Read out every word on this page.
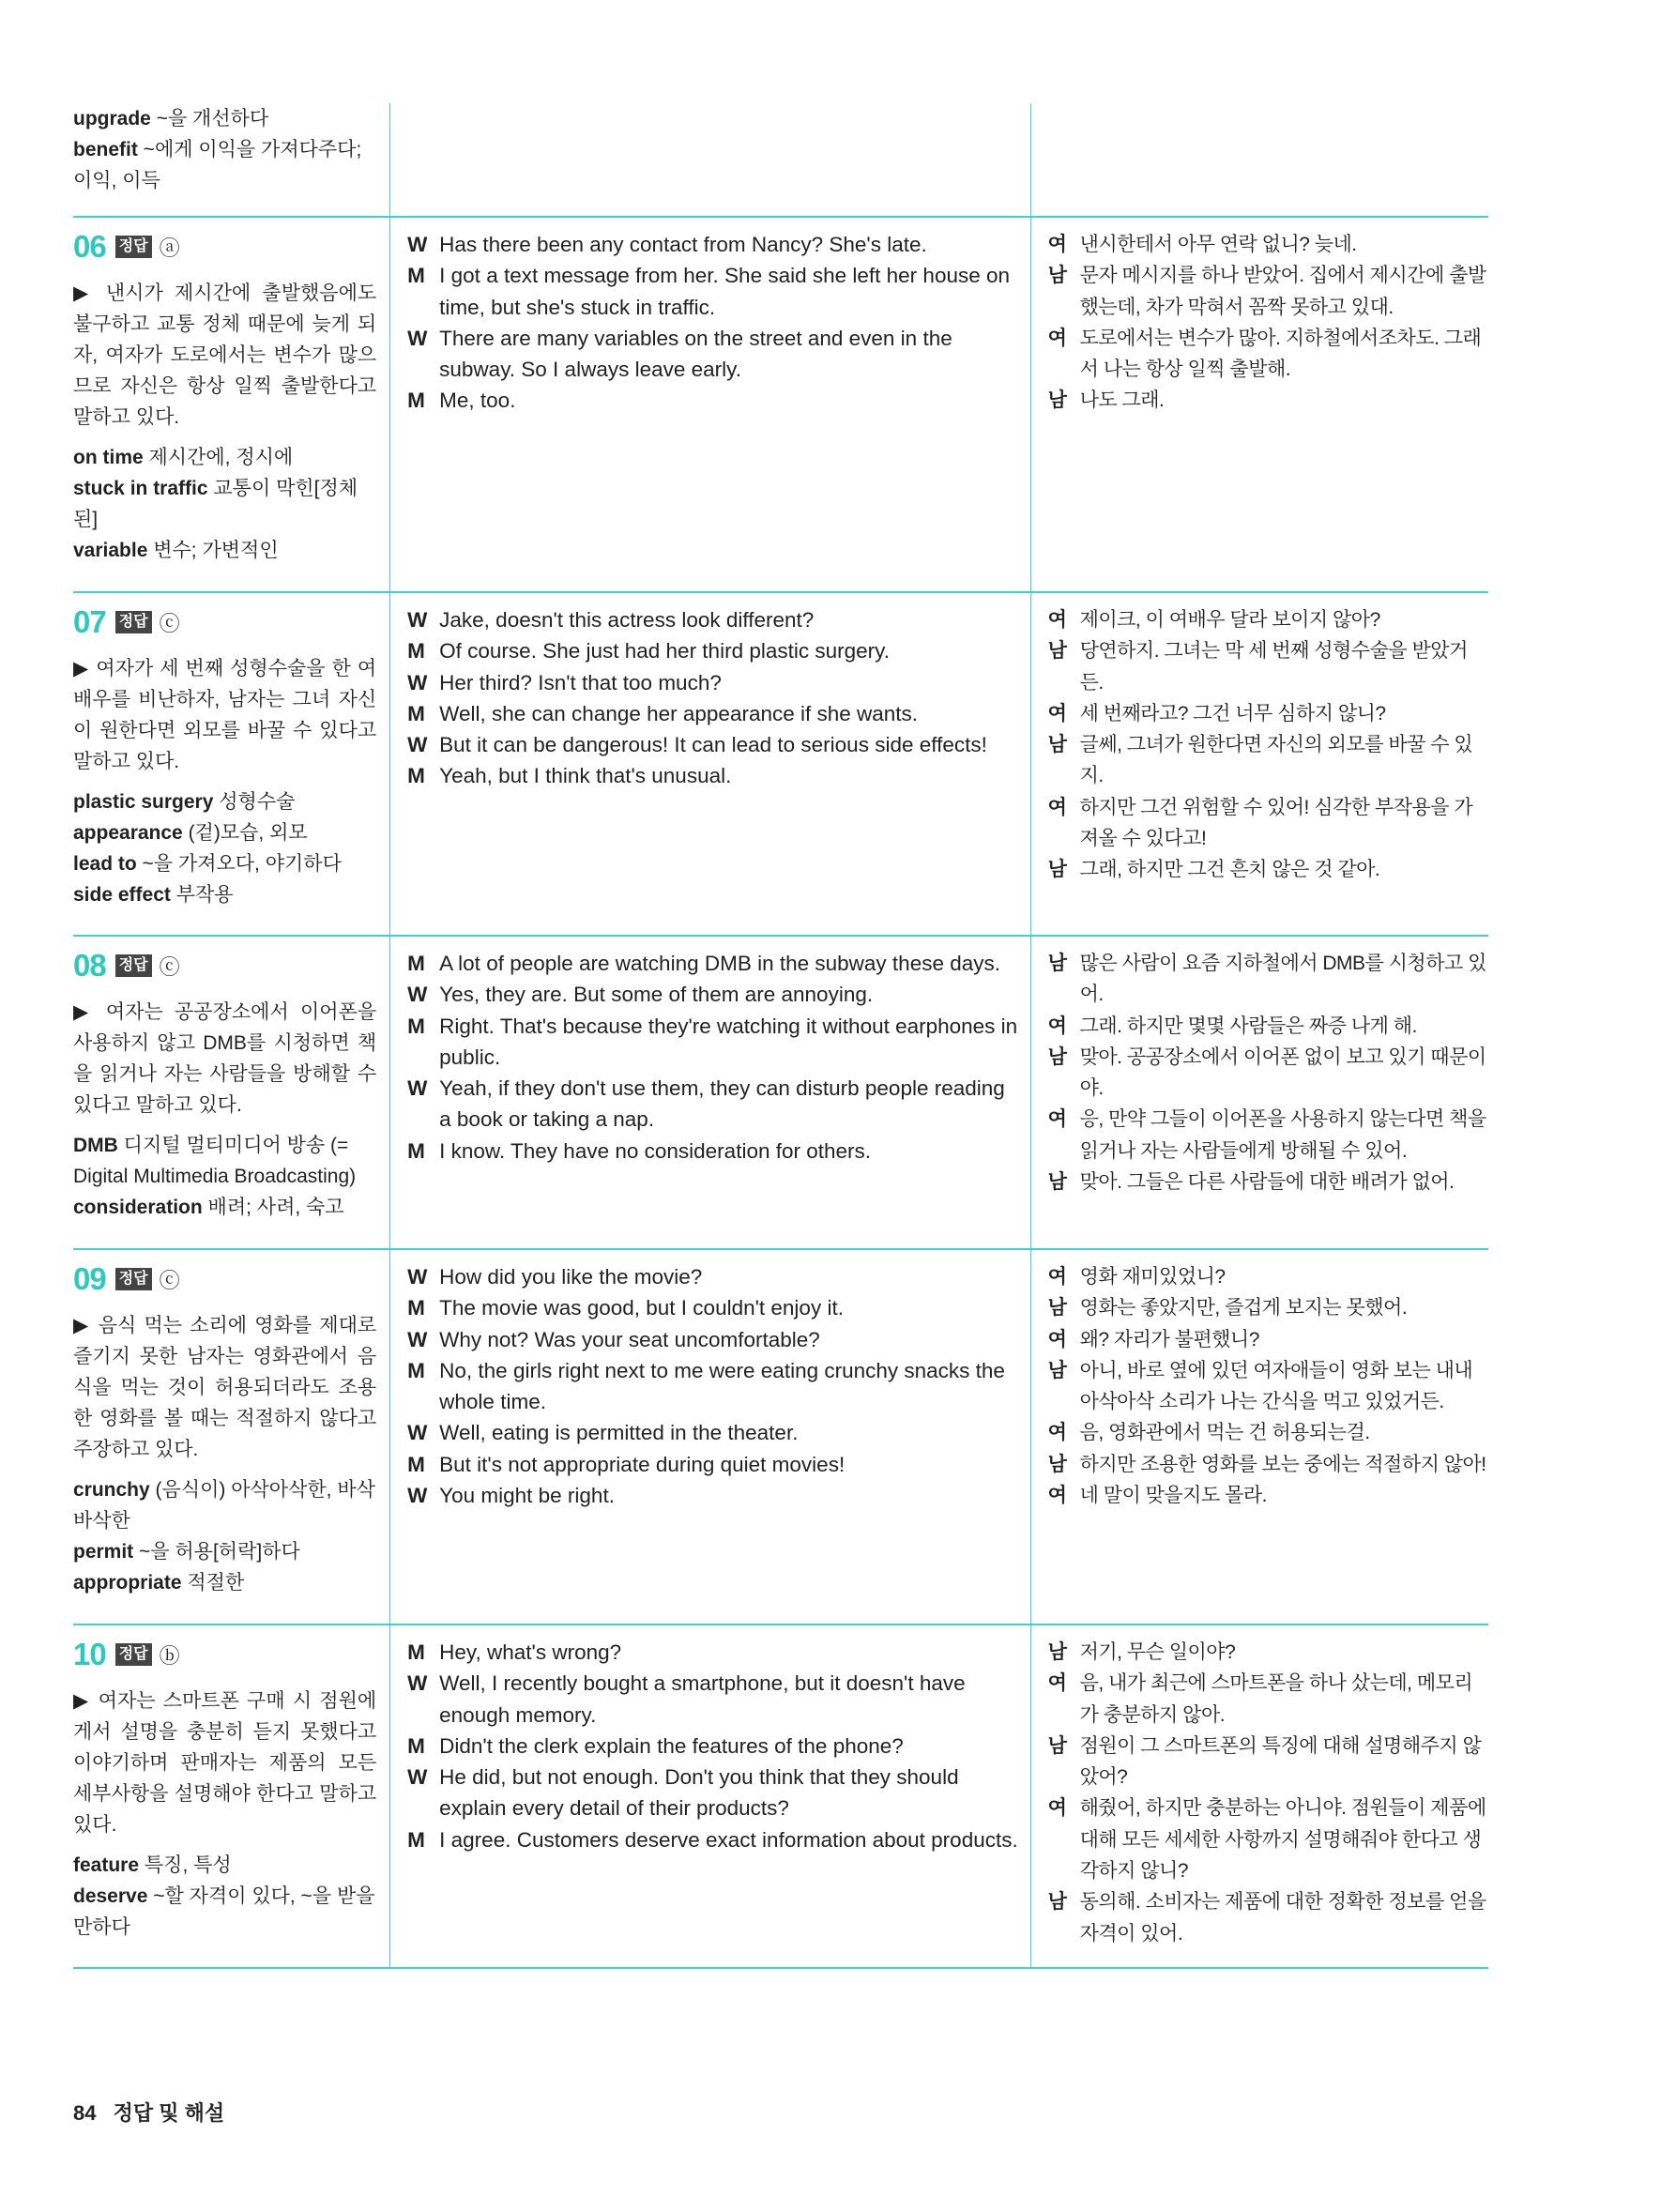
upgrade ~을 개선하다
benefit ~에게 이익을 가져다주다; 이익, 이득
06 정답 ⓐ
▶ 낸시가 제시간에 출발했음에도 불구하고 교통 정체 때문에 늦게 되자, 여자가 도로에서는 변수가 많으므로 자신은 항상 일찍 출발한다고 말하고 있다.
on time 제시간에, 정시에
stuck in traffic 교통이 막힌[정체된]
variable 변수; 가변적인
W Has there been any contact from Nancy? She's late.
M I got a text message from her. She said she left her house on time, but she's stuck in traffic.
W There are many variables on the street and even in the subway. So I always leave early.
M Me, too.
여 낸시한테서 아무 연락 없니? 늦네.
남 문자 메시지를 하나 받았어. 집에서 제시간에 출발했는데, 차가 막혀서 꼼짝 못하고 있대.
여 도로에서는 변수가 많아. 지하철에서조차도. 그래서 나는 항상 일찍 출발해.
남 나도 그래.
07 정답 ⓒ
▶ 여자가 세 번째 성형수술을 한 여배우를 비난하자, 남자는 그녀 자신이 원한다면 외모를 바꿀 수 있다고 말하고 있다.
plastic surgery 성형수술
appearance (겉)모습, 외모
lead to ~을 가져오다, 야기하다
side effect 부작용
W Jake, doesn't this actress look different?
M Of course. She just had her third plastic surgery.
W Her third? Isn't that too much?
M Well, she can change her appearance if she wants.
W But it can be dangerous! It can lead to serious side effects!
M Yeah, but I think that's unusual.
여 제이크, 이 여배우 달라 보이지 않아?
남 당연하지. 그녀는 막 세 번째 성형수술을 받았거든.
여 세 번째라고? 그건 너무 심하지 않니?
남 글쎄, 그녀가 원한다면 자신의 외모를 바꿀 수 있지.
여 하지만 그건 위험할 수 있어! 심각한 부작용을 가져올 수 있다고!
남 그래, 하지만 그건 흔치 않은 것 같아.
08 정답 ⓒ
▶ 여자는 공공장소에서 이어폰을 사용하지 않고 DMB를 시청하면 책을 읽거나 자는 사람들을 방해할 수 있다고 말하고 있다.
DMB 디지털 멀티미디어 방송 (= Digital Multimedia Broadcasting)
consideration 배려; 사려, 숙고
M A lot of people are watching DMB in the subway these days.
W Yes, they are. But some of them are annoying.
M Right. That's because they're watching it without earphones in public.
W Yeah, if they don't use them, they can disturb people reading a book or taking a nap.
M I know. They have no consideration for others.
남 많은 사람이 요즘 지하철에서 DMB를 시청하고 있어.
여 그래. 하지만 몇몇 사람들은 짜증 나게 해.
남 맞아. 공공장소에서 이어폰 없이 보고 있기 때문이야.
여 응, 만약 그들이 이어폰을 사용하지 않는다면 책을 읽거나 자는 사람들에게 방해될 수 있어.
남 맞아. 그들은 다른 사람들에 대한 배려가 없어.
09 정답 ⓒ
▶ 음식 먹는 소리에 영화를 제대로 즐기지 못한 남자는 영화관에서 음식을 먹는 것이 허용되더라도 조용한 영화를 볼 때는 적절하지 않다고 주장하고 있다.
crunchy (음식이) 아삭아삭한, 바삭바삭한
permit ~을 허용[허락]하다
appropriate 적절한
W How did you like the movie?
M The movie was good, but I couldn't enjoy it.
W Why not? Was your seat uncomfortable?
M No, the girls right next to me were eating crunchy snacks the whole time.
W Well, eating is permitted in the theater.
M But it's not appropriate during quiet movies!
W You might be right.
여 영화 재미있었니?
남 영화는 좋았지만, 즐겁게 보지는 못했어.
여 왜? 자리가 불편했니?
남 아니, 바로 옆에 있던 여자애들이 영화 보는 내내 아삭아삭 소리가 나는 간식을 먹고 있었거든.
여 음, 영화관에서 먹는 건 허용되는걸.
남 하지만 조용한 영화를 보는 중에는 적절하지 않아!
여 네 말이 맞을지도 몰라.
10 정답 ⓑ
▶ 여자는 스마트폰 구매 시 점원에게서 설명을 충분히 듣지 못했다고 이야기하며 판매자는 제품의 모든 세부사항을 설명해야 한다고 말하고 있다.
feature 특징, 특성
deserve ~할 자격이 있다, ~을 받을 만하다
M Hey, what's wrong?
W Well, I recently bought a smartphone, but it doesn't have enough memory.
M Didn't the clerk explain the features of the phone?
W He did, but not enough. Don't you think that they should explain every detail of their products?
M I agree. Customers deserve exact information about products.
남 저기, 무슨 일이야?
여 음, 내가 최근에 스마트폰을 하나 샀는데, 메모리가 충분하지 않아.
남 점원이 그 스마트폰의 특징에 대해 설명해주지 않았어?
여 해줬어, 하지만 충분하는 아니야. 점원들이 제품에 대해 모든 세세한 사항까지 설명해줘야 한다고 생각하지 않니?
남 동의해. 소비자는 제품에 대한 정확한 정보를 얻을 자격이 있어.
84 정답 및 해설
